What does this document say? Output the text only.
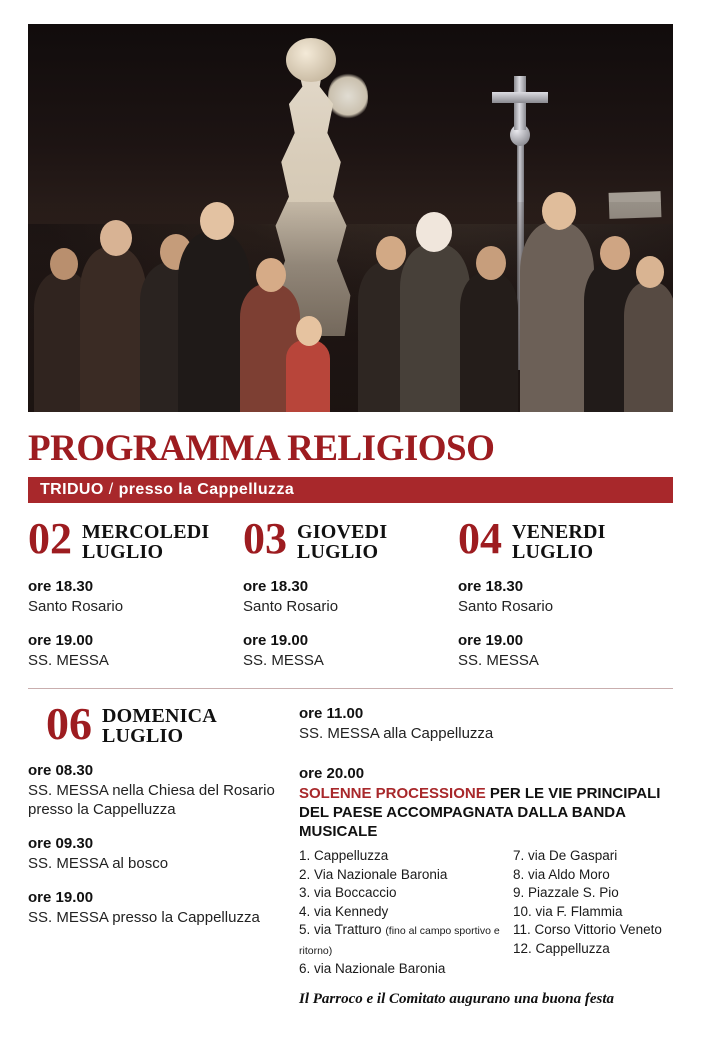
PROGRAMMA RELIGIOSO
TRIDUO / presso la Cappelluzza
02 MERCOLEDI
LUGLIO
ore 18.30
Santo Rosario
ore 19.00
SS. MESSA
03 GIOVEDI
LUGLIO
ore 18.30
Santo Rosario
ore 19.00
SS. MESSA
04 VENERDI
LUGLIO
ore 18.30
Santo Rosario
ore 19.00
SS. MESSA
06 DOMENICA
LUGLIO
ore 08.30
SS. MESSA nella Chiesa del Rosario presso la Cappelluzza
ore 09.30
SS. MESSA al bosco
ore 19.00
SS. MESSA presso la Cappelluzza
ore 11.00
SS. MESSA alla Cappelluzza
ore 20.00
SOLENNE PROCESSIONE PER LE VIE PRINCIPALI
DEL PAESE ACCOMPAGNATA DALLA BANDA MUSICALE
1. Cappelluzza
2. Via Nazionale Baronia
3. via Boccaccio
4. via Kennedy
5. via Tratturo (fino al campo sportivo e ritorno)
6. via Nazionale Baronia
7. via De Gaspari
8. via Aldo Moro
9. Piazzale S. Pio
10. via F. Flammia
11. Corso Vittorio Veneto
12. Cappelluzza
Il Parroco e il Comitato augurano una buona festa
